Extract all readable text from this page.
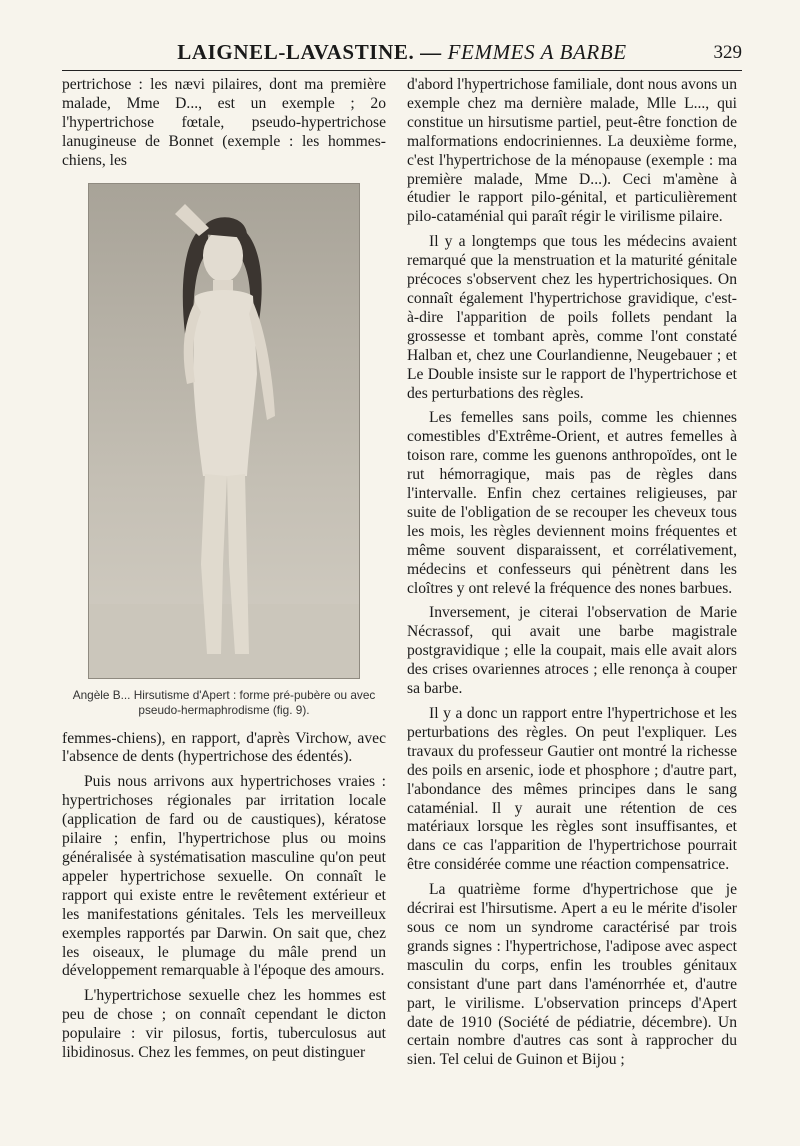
LAIGNEL-LAVASTINE. — FEMMES A BARBE	329

pertrichose : les nævi pilaires, dont ma première malade, Mme D..., est un exemple ; 2o l'hypertrichose fœtale, pseudo-hypertrichose lanugineuse de Bonnet (exemple : les hommes-chiens, les

Angèle B... Hirsutisme d'Apert : forme pré-pubère ou avec pseudo-hermaphrodisme (fig. 9).

femmes-chiens), en rapport, d'après Virchow, avec l'absence de dents (hypertrichose des édentés).

Puis nous arrivons aux hypertrichoses vraies : hypertrichoses régionales par irritation locale (application de fard ou de caustiques), kératose pilaire ; enfin, l'hypertrichose plus ou moins généralisée à systématisation masculine qu'on peut appeler hypertrichose sexuelle. On connaît le rapport qui existe entre le revêtement extérieur et les manifestations génitales. Tels les merveilleux exemples rapportés par Darwin. On sait que, chez les oiseaux, le plumage du mâle prend un développement remarquable à l'époque des amours.

L'hypertrichose sexuelle chez les hommes est peu de chose ; on connaît cependant le dicton populaire : vir pilosus, fortis, tuberculosus aut libidinosus. Chez les femmes, on peut distinguer

d'abord l'hypertrichose familiale, dont nous avons un exemple chez ma dernière malade, Mlle L..., qui constitue un hirsutisme partiel, peut-être fonction de malformations endocriniennes. La deuxième forme, c'est l'hypertrichose de la ménopause (exemple : ma première malade, Mme D...). Ceci m'amène à étudier le rapport pilo-génital, et particulièrement pilo-cataménial qui paraît régir le virilisme pilaire.

Il y a longtemps que tous les médecins avaient remarqué que la menstruation et la maturité génitale précoces s'observent chez les hypertrichosiques. On connaît également l'hypertrichose gravidique, c'est-à-dire l'apparition de poils follets pendant la grossesse et tombant après, comme l'ont constaté Halban et, chez une Courlandienne, Neugebauer ; et Le Double insiste sur le rapport de l'hypertrichose et des perturbations des règles.

Les femelles sans poils, comme les chiennes comestibles d'Extrême-Orient, et autres femelles à toison rare, comme les guenons anthropoïdes, ont le rut hémorragique, mais pas de règles dans l'intervalle. Enfin chez certaines religieuses, par suite de l'obligation de se recouper les cheveux tous les mois, les règles deviennent moins fréquentes et même souvent disparaissent, et corrélativement, médecins et confesseurs qui pénètrent dans les cloîtres y ont relevé la fréquence des nones barbues.

Inversement, je citerai l'observation de Marie Nécrassof, qui avait une barbe magistrale postgravidique ; elle la coupait, mais elle avait alors des crises ovariennes atroces ; elle renonça à couper sa barbe.

Il y a donc un rapport entre l'hypertrichose et les perturbations des règles. On peut l'expliquer. Les travaux du professeur Gautier ont montré la richesse des poils en arsenic, iode et phosphore ; d'autre part, l'abondance des mêmes principes dans le sang cataménial. Il y aurait une rétention de ces matériaux lorsque les règles sont insuffisantes, et dans ce cas l'apparition de l'hypertrichose pourrait être considérée comme une réaction compensatrice.

La quatrième forme d'hypertrichose que je décrirai est l'hirsutisme. Apert a eu le mérite d'isoler sous ce nom un syndrome caractérisé par trois grands signes : l'hypertrichose, l'adipose avec aspect masculin du corps, enfin les troubles génitaux consistant d'une part dans l'aménorrhée et, d'autre part, le virilisme. L'observation princeps d'Apert date de 1910 (Société de pédiatrie, décembre). Un certain nombre d'autres cas sont à rapprocher du sien. Tel celui de Guinon et Bijou ;
